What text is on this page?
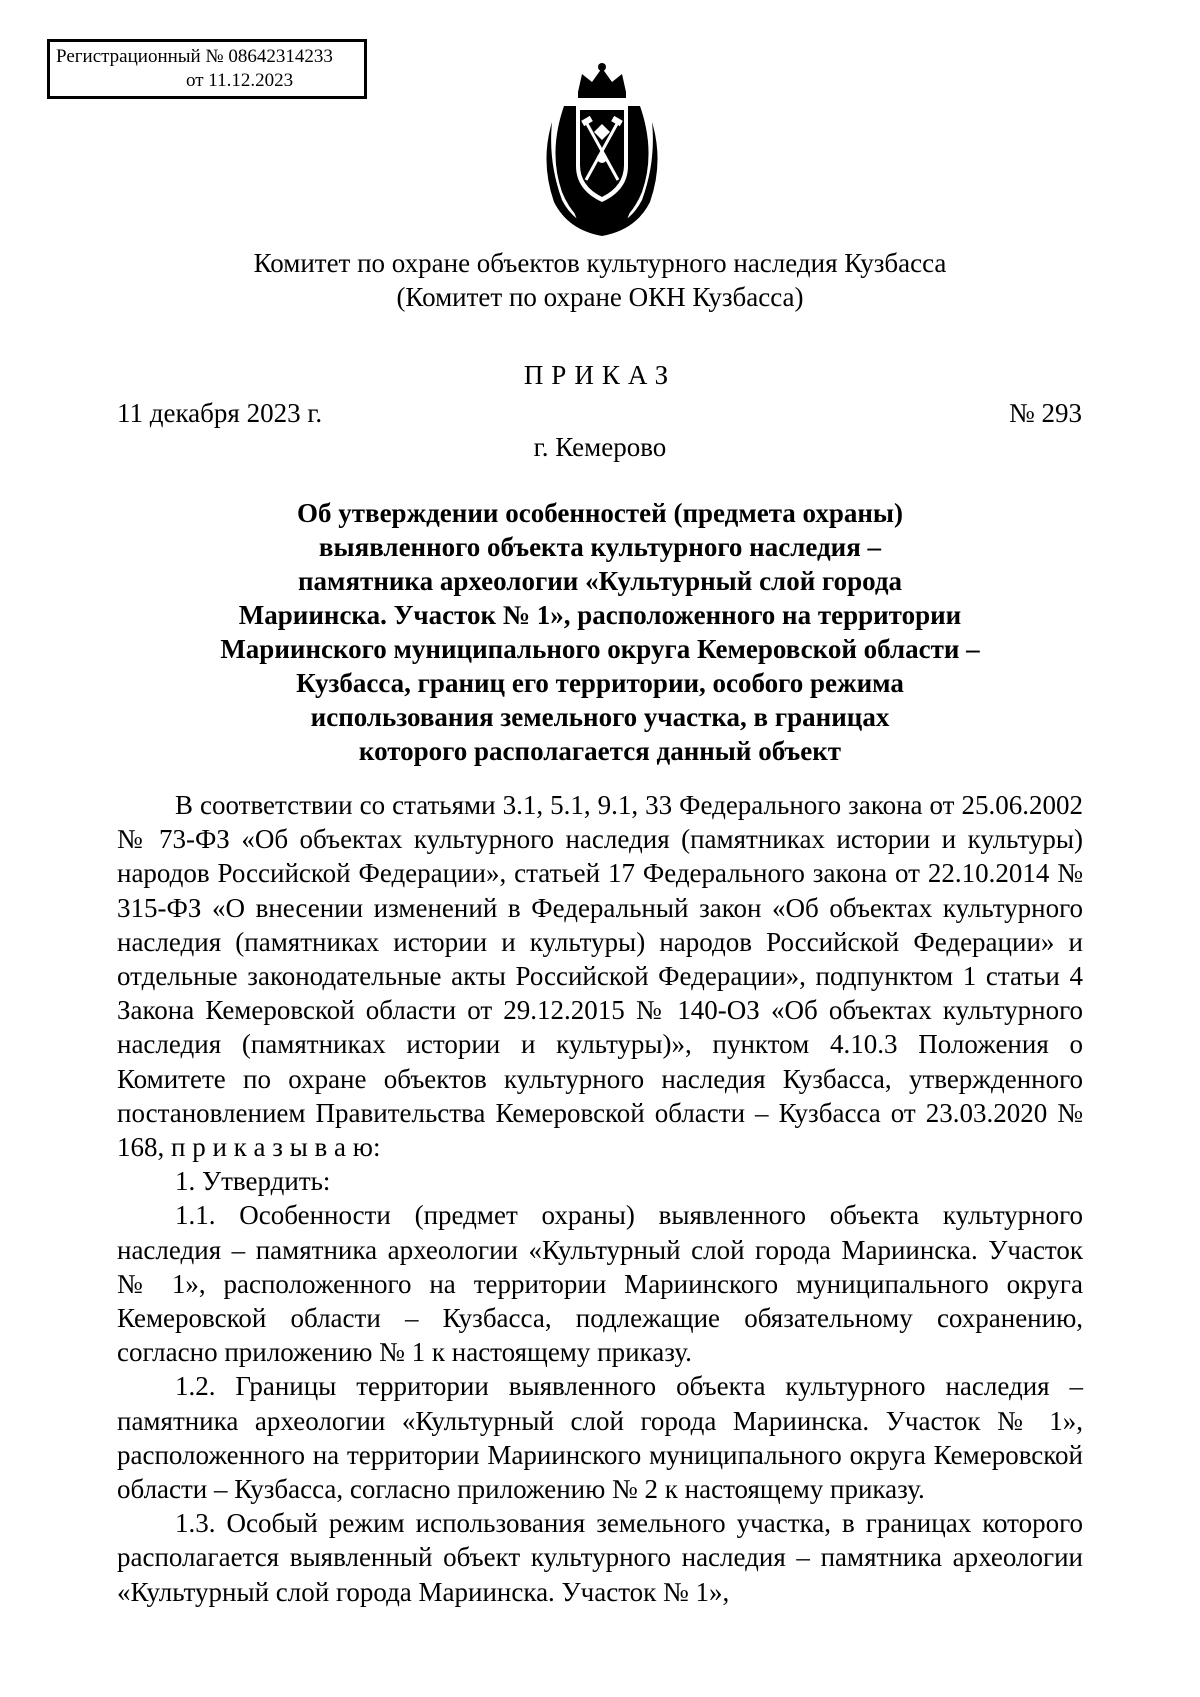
Регистрационный № 08642314233
от 11.12.2023
Комитет по охране объектов культурного наследия Кузбасса
(Комитет по охране ОКН Кузбасса)
ПРИКАЗ
11 декабря 2023 г.	№ 293
г. Кемерово
Об утверждении особенностей (предмета охраны)
выявленного объекта культурного наследия –
памятника археологии «Культурный слой города
Мариинска. Участок № 1», расположенного на территории
Мариинского муниципального округа Кемеровской области –
Кузбасса, границ его территории, особого режима
использования земельного участка, в границах
которого располагается данный объект

В соответствии со статьями 3.1, 5.1, 9.1, 33 Федерального закона от 25.06.2002 № 73-ФЗ «Об объектах культурного наследия (памятниках истории и культуры) народов Российской Федерации», статьей 17 Федерального закона от 22.10.2014 № 315-ФЗ «О внесении изменений в Федеральный закон «Об объектах культурного наследия (памятниках истории и культуры) народов Российской Федерации» и отдельные законодательные акты Российской Федерации», подпунктом 1 статьи 4 Закона Кемеровской области от 29.12.2015 № 140-ОЗ «Об объектах культурного наследия (памятниках истории и культуры)», пунктом 4.10.3 Положения о Комитете по охране объектов культурного наследия Кузбасса, утвержденного постановлением Правительства Кемеровской области – Кузбасса от 23.03.2020 № 168, п р и к а з ы в а ю:

1. Утвердить:

1.1. Особенности (предмет охраны) выявленного объекта культурного наследия – памятника археологии «Культурный слой города Мариинска. Участок № 1», расположенного на территории Мариинского муниципального округа Кемеровской области – Кузбасса, подлежащие обязательному сохранению, согласно приложению № 1 к настоящему приказу.

1.2. Границы территории выявленного объекта культурного наследия – памятника археологии «Культурный слой города Мариинска. Участок № 1», расположенного на территории Мариинского муниципального округа Кемеровской области – Кузбасса, согласно приложению № 2 к настоящему приказу.

1.3. Особый режим использования земельного участка, в границах которого располагается выявленный объект культурного наследия – памятника археологии «Культурный слой города Мариинска. Участок № 1»,
